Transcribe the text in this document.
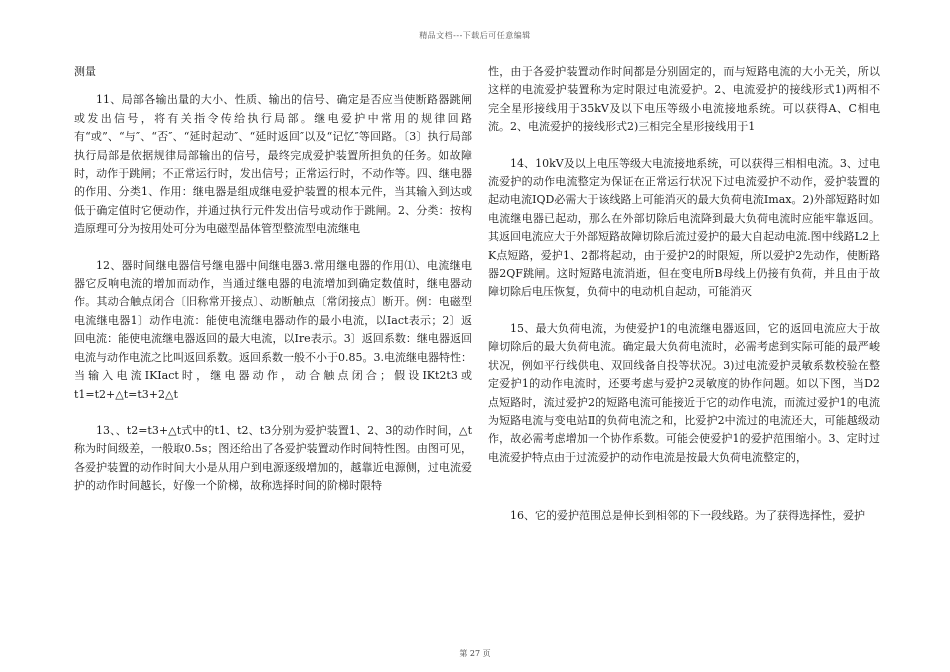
精品文档---下载后可任意编辑

测量

11、局部各输出量的大小、性质、输出的信号、确定是否应当使断路器跳闸或发出信号，将有关指令传给执行局部。继电爱护中常用的规律回路有“或”、“与″、“否″、“延时起动″、“延时返回″以及“记忆″等回路。〔3〕执行局部执行局部是依据规律局部输出的信号，最终完成爱护装置所担负的任务。如故障时，动作于跳闸；不正常运行时，发出信号；正常运行时，不动作等。四、继电器的作用、分类1、作用：继电器是组成继电爱护装置的根本元件，当其输入到达或低于确定值时它便动作，并通过执行元件发出信号或动作于跳闸。2、分类：按构造原理可分为按用处可分为电磁型晶体管型整流型电流继电

12、器时间继电器信号继电器中间继电器3.常用继电器的作用⑴、电流继电器它反响电流的增加而动作，当通过继电器的电流增加到确定数值时，继电器动作。其动合触点闭合〔旧称常开接点〕、动断触点〔常闭接点〕断开。例：电磁型电流继电器1〕动作电流：能使电流继电器动作的最小电流，以Iact表示；2〕返回电流：能使电流继电器返回的最大电流，以Ire表示。3〕返回系数：继电器返回电流与动作电流之比叫返回系数。返回系数一般不小于0.85。3.电流继电器特性：当输入电流IKIact时，继电器动作，动合触点闭合；假设IKt2t3或t1=t2+△t=t3+2△t

13、、t2=t3+△t式中的t1、t2、t3分别为爱护装置1、2、3的动作时间，△t称为时间级差，一般取0.5s；图还给出了各爱护装置动作时间特性图。由图可见，各爱护装置的动作时间大小是从用户到电源逐级增加的，越靠近电源侧，过电流爱护的动作时间越长，好像一个阶梯，故称选择时间的阶梯时限特

性，由于各爱护装置动作时间都是分别固定的，而与短路电流的大小无关，所以这样的电流爱护装置称为定时限过电流爱护。2、电流爱护的接线形式1)两相不完全星形接线用于35kV及以下电压等级小电流接地系统。可以获得A、C相电流。2、电流爱护的接线形式2)三相完全星形接线用于1

14、10kV及以上电压等级大电流接地系统，可以获得三相相电流。3、过电流爱护的动作电流整定为保证在正常运行状况下过电流爱护不动作，爱护装置的起动电流IQD必需大于该线路上可能消灭的最大负荷电流Imax。2)外部短路时如电流继电器已起动，那么在外部切除后电流降到最大负荷电流时应能牢靠返回。其返回电流应大于外部短路故障切除后流过爱护的最大自起动电流.图中线路L2上K点短路，爱护1、2都将起动，由于爱护2的时限短，所以爱护2先动作，使断路器2QF跳闸。这时短路电流消逝，但在变电所B母线上仍接有负荷，并且由于故障切除后电压恢复，负荷中的电动机自起动，可能消灭

15、最大负荷电流，为使爱护1的电流继电器返回，它的返回电流应大于故障切除后的最大负荷电流。确定最大负荷电流时，必需考虑到实际可能的最严峻状况，例如平行线供电、双回线备自投等状况。3)过电流爱护灵敏系数校验在整定爱护1的动作电流时，还要考虑与爱护2灵敏度的协作问题。如以下图，当D2点短路时，流过爱护2的短路电流可能接近于它的动作电流，而流过爱护1的电流为短路电流与变电站Ⅱ的负荷电流之和，比爱护2中流过的电流还大，可能越级动作，故必需考虑增加一个协作系数。可能会使爱护1的爱护范围缩小。3、定时过电流爱护特点由于过流爱护的动作电流是按最大负荷电流整定的，

16、它的爱护范围总是伸长到相邻的下一段线路。为了获得选择性，爱护

第 27 页
